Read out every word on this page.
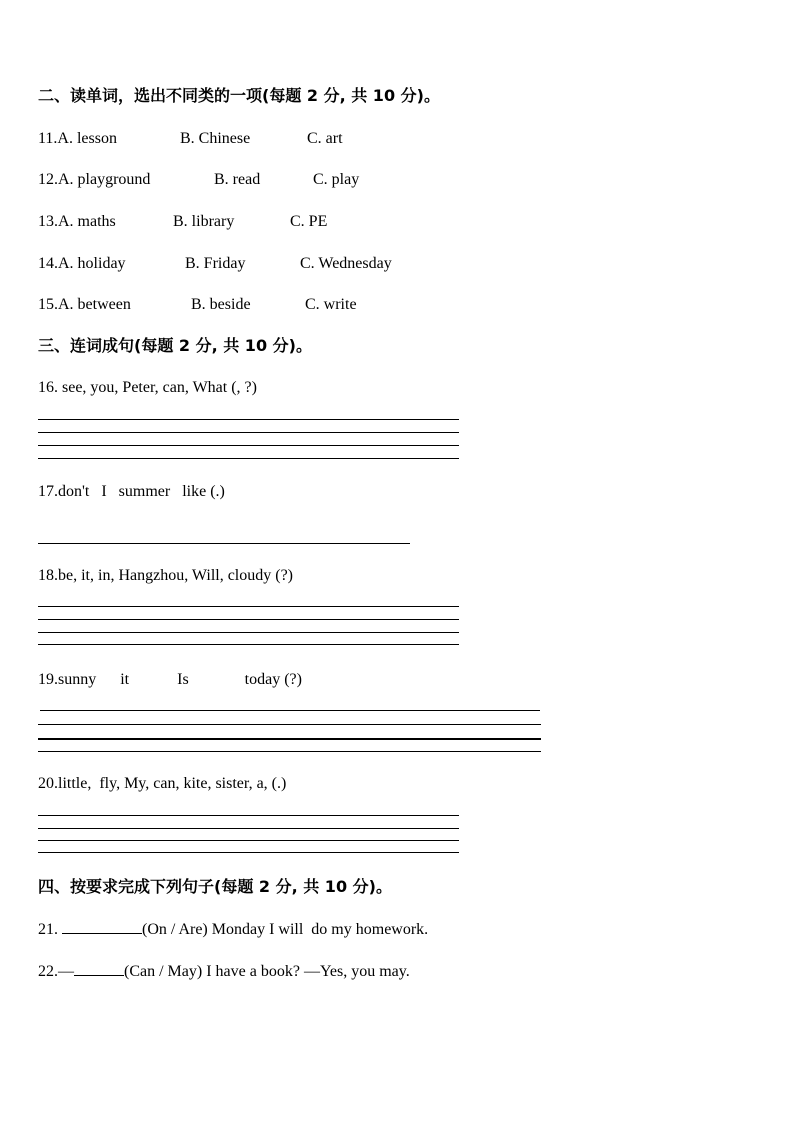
二、读单词，选出不同类的一项(每题 2 分, 共 10 分)。
11.A. lesson	B. Chinese	C. art
12.A. playground	B. read	C. play
13.A. maths	B. library	C. PE
14.A. holiday	B. Friday	C. Wednesday
15.A. between	B. beside	C. write
三、连词成句(每题 2 分, 共 10 分)。
16. see, you, Peter, can, What (, ?)
17.don't   I   summer   like (.)
18.be, it, in, Hangzhou, Will, cloudy (?)
19.sunny      it            Is              today (?)
20.little,  fly, My, can, kite, sister, a, (.)
四、按要求完成下列句子(每题 2 分, 共 10 分)。
21.	(On / Are) Monday I will  do my homework.
22.—	(Can / May) I have a book? —Yes, you may.
